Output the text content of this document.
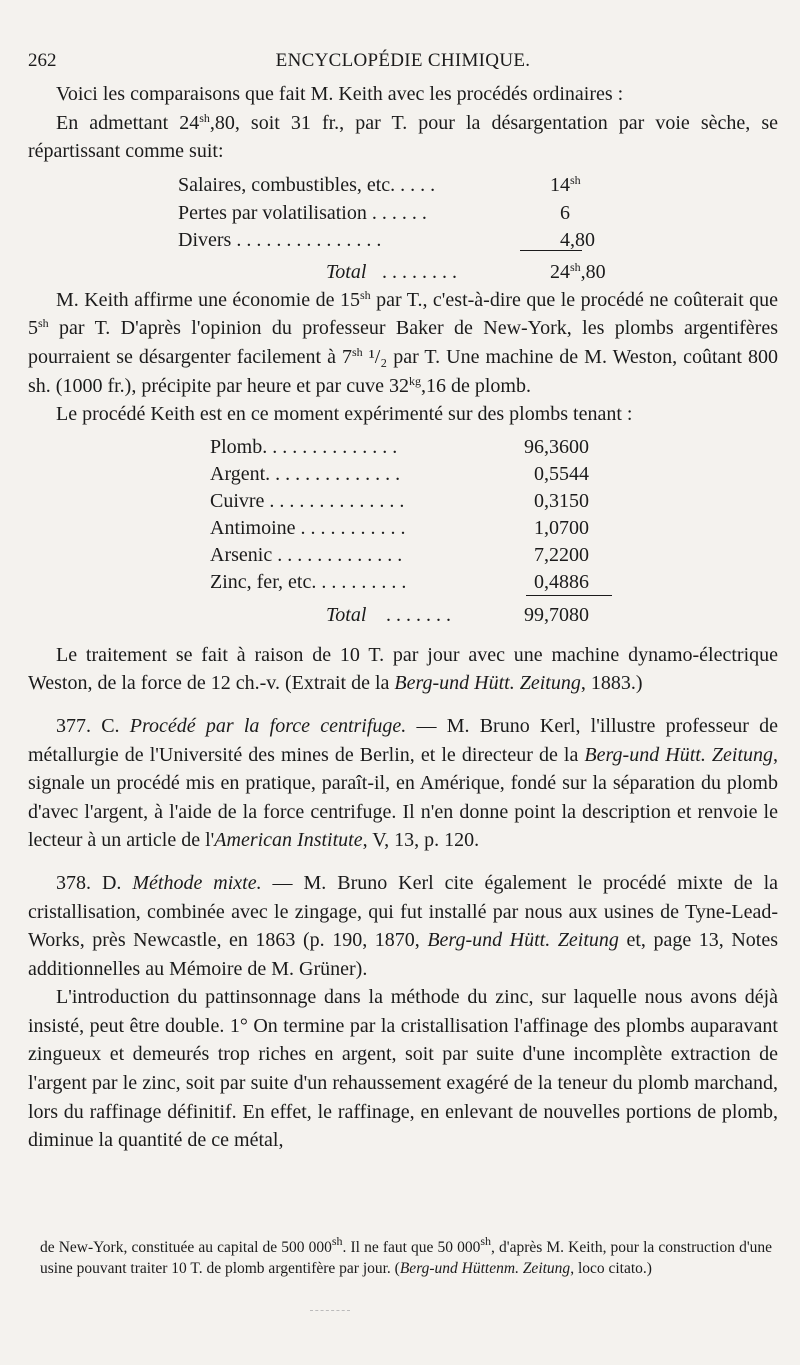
262	ENCYCLOPÉDIE CHIMIQUE.

Voici les comparaisons que fait M. Keith avec les procédés ordinaires :

En admettant $24^{sh},80$, soit 31 fr., par T. pour la désargentation par voie sèche, se répartissant comme suit:

Salaires, combustibles, etc. . . . .	$14^{sh}$
Pertes par volatilisation . . . . . .	6
Divers . . . . . . . . . . . . . . .	4,80
Total . . . . . . . .	$24^{sh},80$

M. Keith affirme une économie de $15^{sh}$ par T., c'est-à-dire que le procédé ne coûterait que $5^{sh}$ par T. D'après l'opinion du professeur Baker de New-York, les plombs argentifères pourraient se désargenter facilement à $7^{sh}$ ¹/₂ par T. Une machine de M. Weston, coûtant 800 sh. (1000 fr.), précipite par heure et par cuve $32^{kg},16$ de plomb.

Le procédé Keith est en ce moment expérimenté sur des plombs tenant :

Plomb. . . . . . . . . . . . . .	96,3600
Argent. . . . . . . . . . . . . .	0,5544
Cuivre . . . . . . . . . . . . . .	0,3150
Antimoine . . . . . . . . . . .	1,0700
Arsenic . . . . . . . . . . . . .	7,2200
Zinc, fer, etc. . . . . . . . . .	0,4886
Total . . . . . . .	99,7080

Le traitement se fait à raison de 10 T. par jour avec une machine dynamo-électrique Weston, de la force de 12 ch.-v. (Extrait de la Berg-und Hütt. Zeitung, 1883.)

377. C. Procédé par la force centrifuge. — M. Bruno Kerl, l'illustre professeur de métallurgie de l'Université des mines de Berlin, et le directeur de la Berg-und Hütt. Zeitung, signale un procédé mis en pratique, paraît-il, en Amérique, fondé sur la séparation du plomb d'avec l'argent, à l'aide de la force centrifuge. Il n'en donne point la description et renvoie le lecteur à un article de l'American Institute, V, 13, p. 120.

378. D. Méthode mixte. — M. Bruno Kerl cite également le procédé mixte de la cristallisation, combinée avec le zingage, qui fut installé par nous aux usines de Tyne-Lead-Works, près Newcastle, en 1863 (p. 190, 1870, Berg-und Hütt. Zeitung et, page 13, Notes additionnelles au Mémoire de M. Grüner).

L'introduction du pattinsonnage dans la méthode du zinc, sur laquelle nous avons déjà insisté, peut être double. 1° On termine par la cristallisation l'affinage des plombs auparavant zingueux et demeurés trop riches en argent, soit par suite d'une incomplète extraction de l'argent par le zinc, soit par suite d'un rehaussement exagéré de la teneur du plomb marchand, lors du raffinage définitif. En effet, le raffinage, en enlevant de nouvelles portions de plomb, diminue la quantité de ce métal,

de New-York, constituée au capital de 500 $000^{sh}$. Il ne faut que 50 $000^{sh}$, d'après M. Keith, pour la construction d'une usine pouvant traiter 10 T. de plomb argentifère par jour. (Berg-und Hüttenm. Zeitung, loco citato.)
